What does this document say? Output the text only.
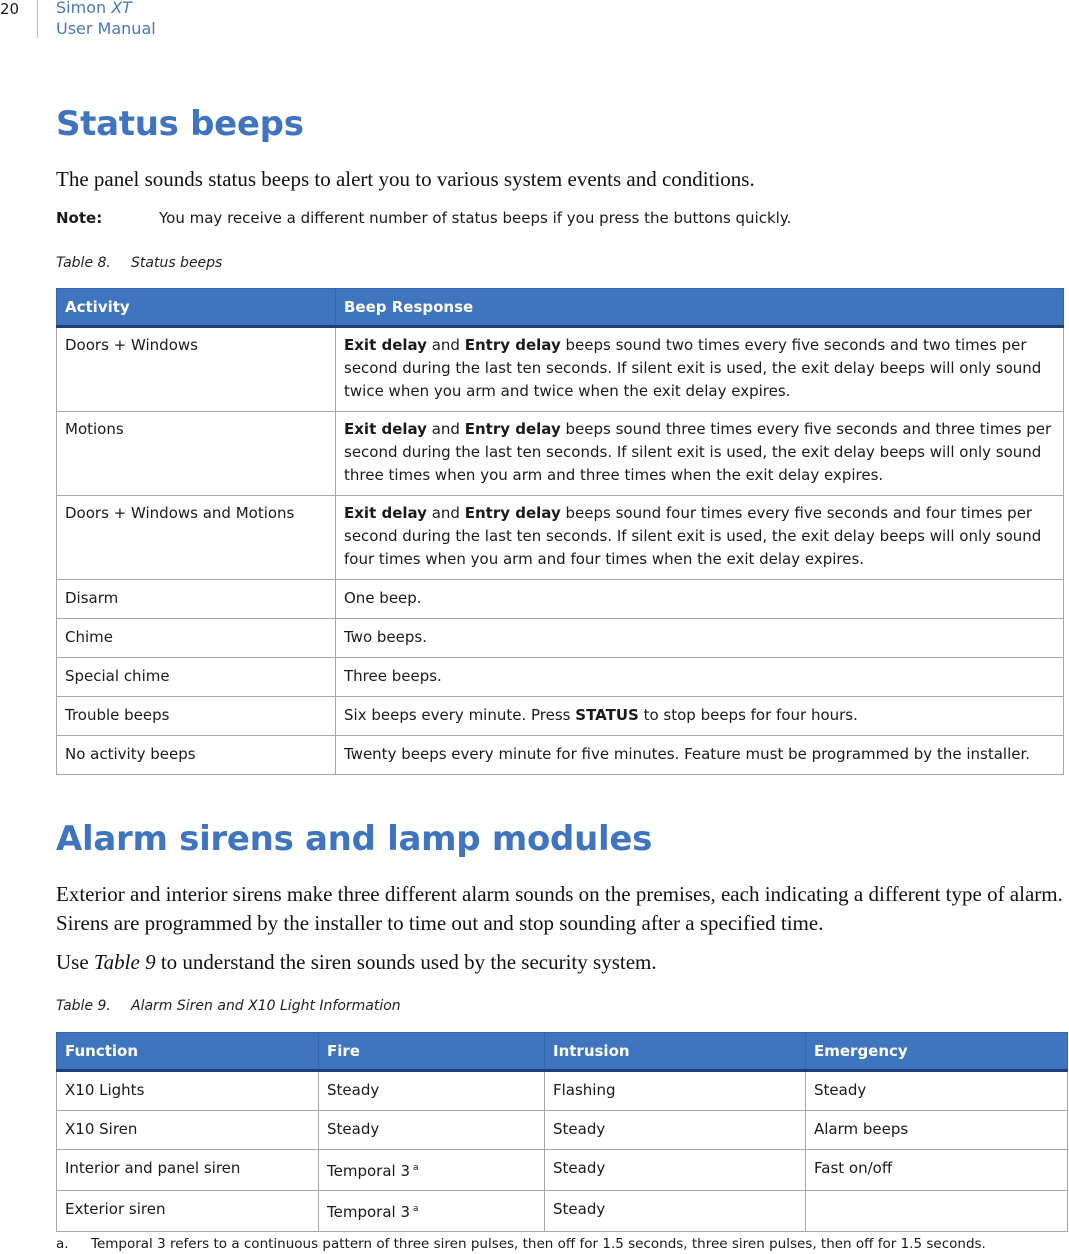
20 Simon XT
User Manual
Status beeps

The panel sounds status beeps to alert you to various system events and conditions.

Note:	You may receive a different number of status beeps if you press the buttons quickly.
Table 8. Status beeps
Activity	Beep Response
Doors + Windows	Exit delay and Entry delay beeps sound two times every five seconds and two times per second during the last ten seconds. If silent exit is used, the exit delay beeps will only sound twice when you arm and twice when the exit delay expires.
Motions	Exit delay and Entry delay beeps sound three times every five seconds and three times per second during the last ten seconds. If silent exit is used, the exit delay beeps will only sound three times when you arm and three times when the exit delay expires.
Doors + Windows and Motions	Exit delay and Entry delay beeps sound four times every five seconds and four times per second during the last ten seconds. If silent exit is used, the exit delay beeps will only sound four times when you arm and four times when the exit delay expires.
Disarm	One beep.
Chime	Two beeps.
Special chime	Three beeps.
Trouble beeps	Six beeps every minute. Press STATUS to stop beeps for four hours.
No activity beeps	Twenty beeps every minute for five minutes. Feature must be programmed by the installer.
Alarm sirens and lamp modules

Exterior and interior sirens make three different alarm sounds on the premises, each indicating a different type of alarm. Sirens are programmed by the installer to time out and stop sounding after a specified time.

Use Table 9 to understand the siren sounds used by the security system.

Table 9. Alarm Siren and X10 Light Information
Function	Fire	Intrusion	Emergency
X10 Lights	Steady	Flashing	Steady
X10 Siren	Steady	Steady	Alarm beeps
Interior and panel siren	Temporal 3 $^a$	Steady	Fast on/off
Exterior siren	Temporal 3 $^a$	Steady	
a. Temporal 3 refers to a continuous pattern of three siren pulses, then off for 1.5 seconds, three siren pulses, then off for 1.5 seconds.
